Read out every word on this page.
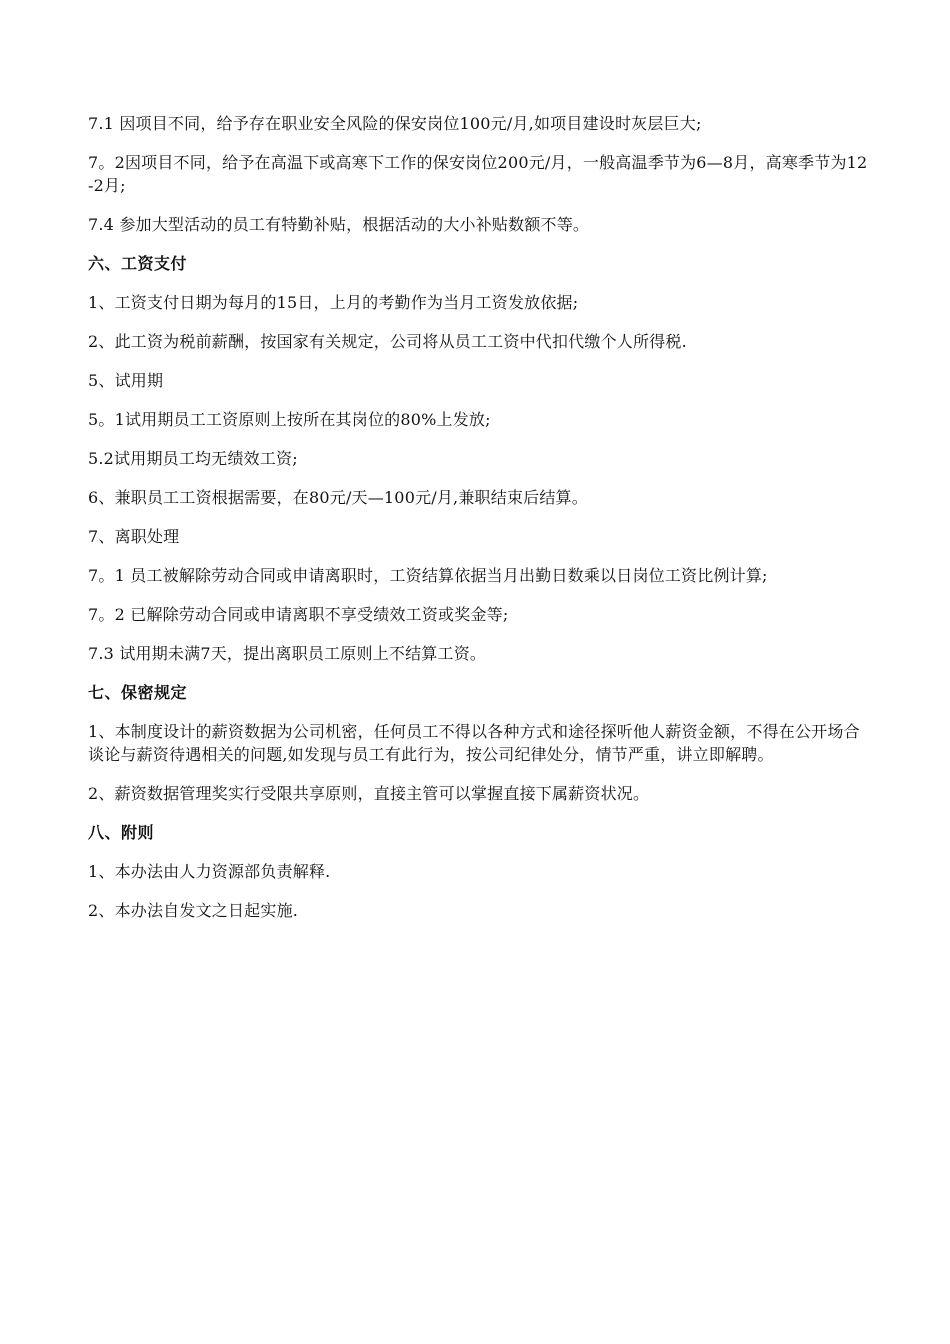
7.1 因项目不同，给予存在职业安全风险的保安岗位100元/月,如项目建设时灰层巨大;

7。2因项目不同，给予在高温下或高寒下工作的保安岗位200元/月，一般高温季节为6—8月，高寒季节为12-2月;

7.4 参加大型活动的员工有特勤补贴，根据活动的大小补贴数额不等。

六、工资支付

1、工资支付日期为每月的15日，上月的考勤作为当月工资发放依据;

2、此工资为税前薪酬，按国家有关规定，公司将从员工工资中代扣代缴个人所得税.

5、试用期

5。1试用期员工工资原则上按所在其岗位的80%上发放;

5.2试用期员工均无绩效工资;

6、兼职员工工资根据需要，在80元/天—100元/月,兼职结束后结算。

7、离职处理

7。1 员工被解除劳动合同或申请离职时，工资结算依据当月出勤日数乘以日岗位工资比例计算;

7。2 已解除劳动合同或申请离职不享受绩效工资或奖金等;

7.3 试用期未满7天，提出离职员工原则上不结算工资。

七、保密规定

1、本制度设计的薪资数据为公司机密，任何员工不得以各种方式和途径探听他人薪资金额，不得在公开场合谈论与薪资待遇相关的问题,如发现与员工有此行为，按公司纪律处分，情节严重，讲立即解聘。

2、薪资数据管理奖实行受限共享原则，直接主管可以掌握直接下属薪资状况。

八、附则

1、本办法由人力资源部负责解释.

2、本办法自发文之日起实施.
